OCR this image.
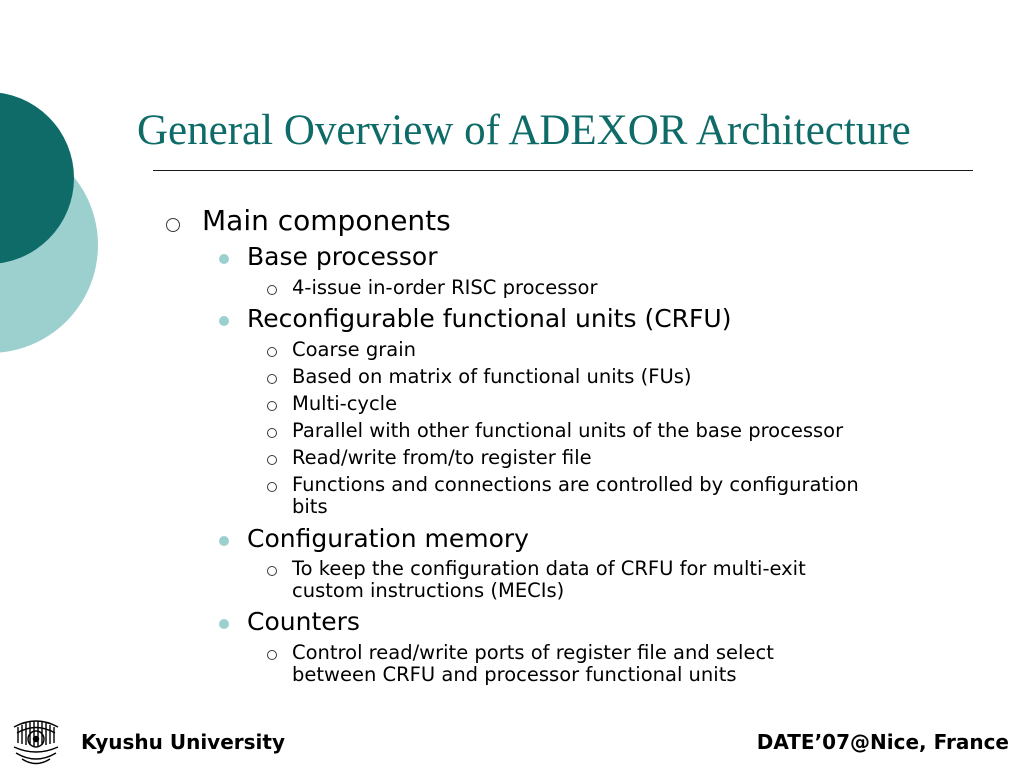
General Overview of ADEXOR Architecture
Main components
Base processor
4-issue in-order RISC processor
Reconfigurable functional units (CRFU)
Coarse grain
Based on matrix of functional units (FUs)
Multi-cycle
Parallel with other functional units of the base processor
Read/write from/to register file
Functions and connections are controlled by configuration
bits
Configuration memory
To keep the configuration data of CRFU for multi-exit
custom instructions (MECIs)
Counters
Control read/write ports of register file and select
between CRFU and processor functional units
Kyushu University	DATE’07@Nice, France
